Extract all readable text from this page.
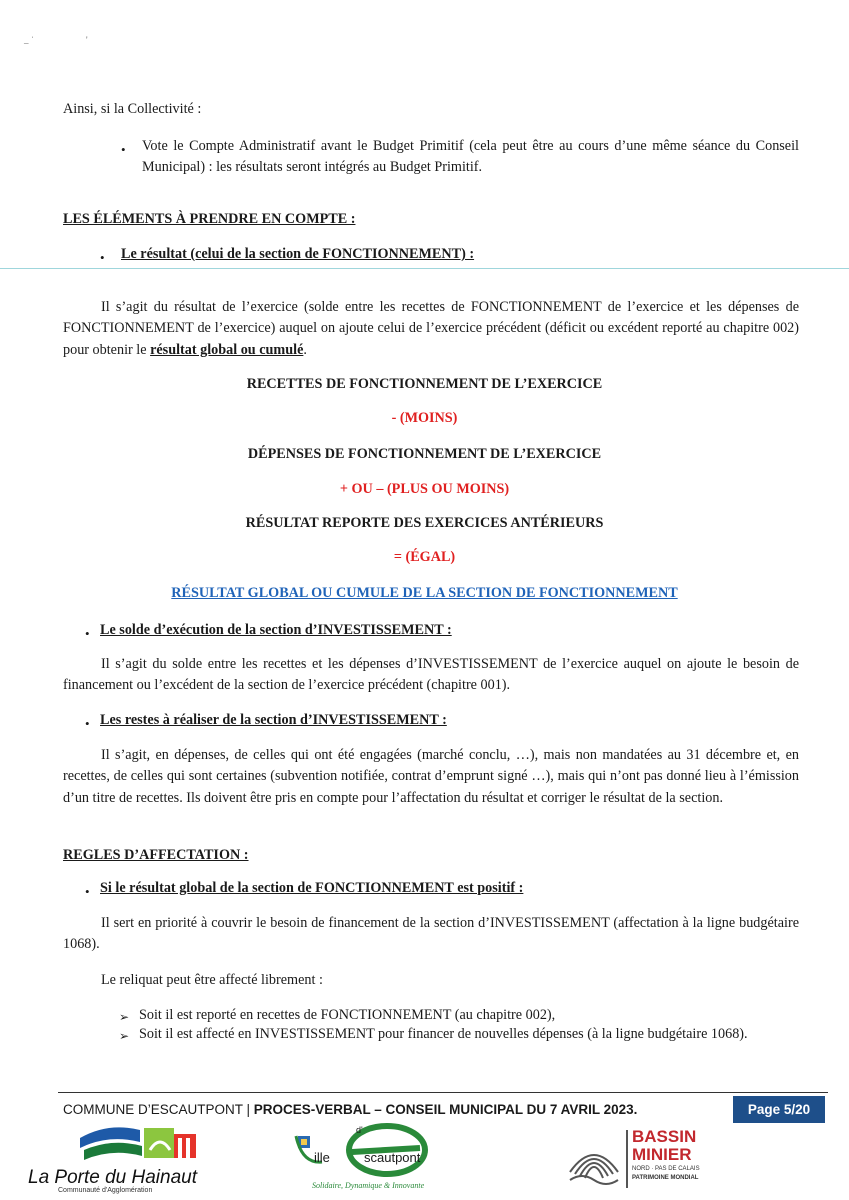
_ ˈ	'
Ainsi, si la Collectivité :
• Vote le Compte Administratif avant le Budget Primitif (cela peut être au cours d’une même séance du Conseil Municipal) : les résultats seront intégrés au Budget Primitif.
LES ÉLÉMENTS À PRENDRE EN COMPTE :
• Le résultat (celui de la section de FONCTIONNEMENT) :
Il s’agit du résultat de l’exercice (solde entre les recettes de FONCTIONNEMENT de l’exercice et les dépenses de FONCTIONNEMENT de l’exercice) auquel on ajoute celui de l’exercice précédent (déficit ou excédent reporté au chapitre 002) pour obtenir le résultat global ou cumulé.
RECETTES DE FONCTIONNEMENT DE L’EXERCICE
- (MOINS)
DÉPENSES DE FONCTIONNEMENT DE L’EXERCICE
+ OU – (PLUS OU MOINS)
RÉSULTAT REPORTE DES EXERCICES ANTÉRIEURS
= (ÉGAL)
RÉSULTAT GLOBAL OU CUMULE DE LA SECTION DE FONCTIONNEMENT
• Le solde d’exécution de la section d’INVESTISSEMENT :
Il s’agit du solde entre les recettes et les dépenses d’INVESTISSEMENT de l’exercice auquel on ajoute le besoin de financement ou l’excédent de la section de l’exercice précédent (chapitre 001).
• Les restes à réaliser de la section d’INVESTISSEMENT :
Il s’agit, en dépenses, de celles qui ont été engagées (marché conclu, …), mais non mandatées au 31 décembre et, en recettes, de celles qui sont certaines (subvention notifiée, contrat d’emprunt signé …), mais qui n’ont pas donné lieu à l’émission d’un titre de recettes. Ils doivent être pris en compte pour l’affectation du résultat et corriger le résultat de la section.
REGLES D’AFFECTATION :
• Si le résultat global de la section de FONCTIONNEMENT est positif :
Il sert en priorité à couvrir le besoin de financement de la section d’INVESTISSEMENT (affectation à la ligne budgétaire 1068).
Le reliquat peut être affecté librement :
➢ Soit il est reporté en recettes de FONCTIONNEMENT (au chapitre 002),
➢ Soit il est affecté en INVESTISSEMENT pour financer de nouvelles dépenses (à la ligne budgétaire 1068).
COMMUNE D’ESCAUTPONT | PROCES-VERBAL – CONSEIL MUNICIPAL DU 7 AVRIL 2023.	Page 5/20
La Porte du Hainaut
Communauté d'Agglomération
ille
d'
scautpont
Solidaire, Dynamique & Innovante
BASSIN
MINIER
NORD · PAS DE CALAIS
PATRIMOINE MONDIAL
